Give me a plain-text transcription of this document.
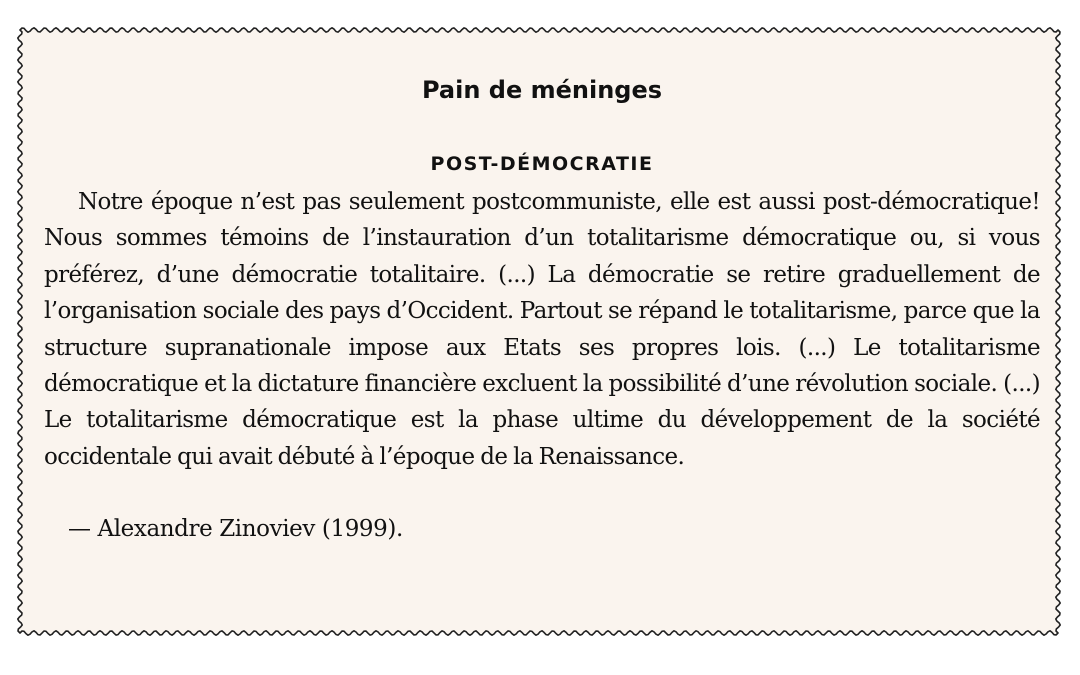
Pain de méninges
POST-DÉMOCRATIE

Notre époque n’est pas seulement postcommuniste, elle est aussi post-démocratique! Nous sommes témoins de l’instauration d’un totalitarisme démocratique ou, si vous préférez, d’une démocratie totalitaire. (...) La démocratie se retire graduellement de l’organisation sociale des pays d’Occident. Partout se répand le totalitarisme, parce que la structure supranationale impose aux Etats ses propres lois. (...) Le totalitarisme démocratique et la dictature financière excluent la possibilité d’une révolution sociale. (...) Le totalitarisme démocratique est la phase ultime du développement de la société occidentale qui avait débuté à l’époque de la Renaissance.

— Alexandre Zinoviev (1999).
